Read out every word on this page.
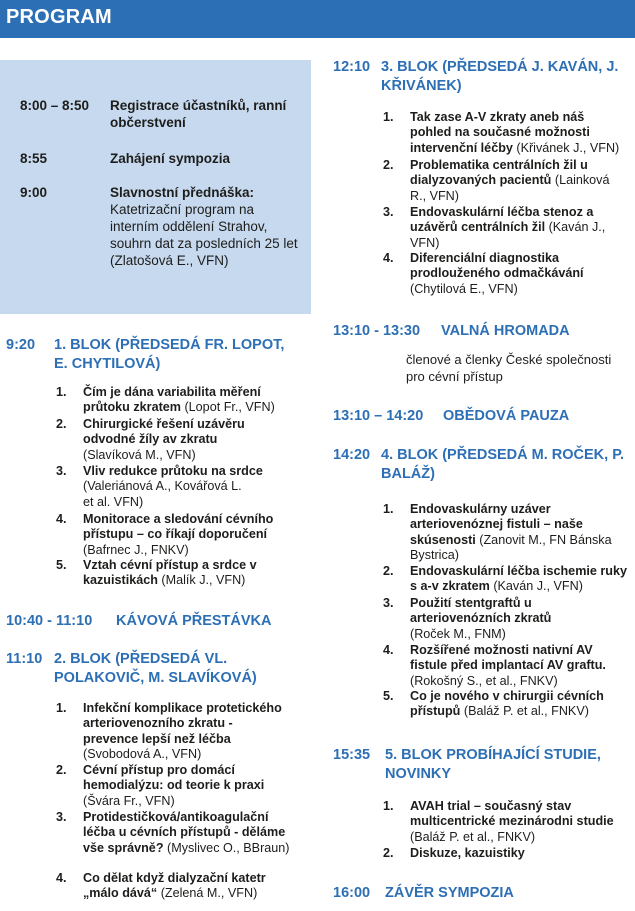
PROGRAM
8:00 – 8:50	Registrace účastníků, ranní občerstvení
8:55	Zahájení sympozia
9:00	Slavnostní přednáška:
Katetrizační program na interním oddělení Strahov, souhrn dat za posledních 25 let (Zlatošová E., VFN)
9:20 1. BLOK (PŘEDSEDÁ FR. LOPOT, E. CHYTILOVÁ)
1. Čím je dána variabilita měření průtoku zkratem (Lopot Fr., VFN)
2. Chirurgické řešení uzávěru odvodné žíly av zkratu (Slavíková M., VFN)
3. Vliv redukce průtoku na srdce (Valeriánová A., Kovářová L. et al. VFN)
4. Monitorace a sledování cévního přístupu – co říkají doporučení (Bafrnec J., FNKV)
5. Vztah cévní přístup a srdce v kazuistikách (Malík J., VFN)
10:40 - 11:10 KÁVOVÁ PŘESTÁVKA
11:10 2. BLOK (PŘEDSEDÁ VL. POLAKOVIČ, M. SLAVÍKOVÁ)
1. Infekční komplikace protetického arteriovenozního zkratu - prevence lepší než léčba (Svobodová A., VFN)
2. Cévní přístup pro domácí hemodialýzu: od teorie k praxi (Švára Fr., VFN)
3. Protidestičková/antikoagulační léčba u cévních přístupů - děláme vše správně? (Myslivec O., BBraun)
4. Co dělat když dialyzační katetr „málo dává“ (Zelená M., VFN)
12:10 3. BLOK (PŘEDSEDÁ J. KAVÁN, J. KŘIVÁNEK)
1. Tak zase A-V zkraty aneb náš pohled na současné možnosti intervenční léčby (Křivánek J., VFN)
2. Problematika centrálních žil u dialyzovaných pacientů (Lainková R., VFN)
3. Endovaskulární léčba stenoz a uzávěrů centrálních žil (Kaván J., VFN)
4. Diferenciální diagnostika prodlouženého odmačkávání (Chytilová E., VFN)
13:10 - 13:30 VALNÁ HROMADA
členové a členky České společnosti pro cévní přístup
13:10 – 14:20 OBĚDOVÁ PAUZA
14:20 4. BLOK (PŘEDSEDÁ M. ROČEK, P. BALÁŽ)
1. Endovaskulárny uzáver arteriovenóznej fistuli – naše skúsenosti (Zanovit M., FN Bánska Bystrica)
2. Endovaskulární léčba ischemie ruky s a-v zkratem (Kaván J., VFN)
3. Použití stentgraftů u arteriovenózních zkratů (Roček M., FNM)
4. Rozšířené možnosti nativní AV fistule před implantací AV graftu. (Rokošný S., et al., FNKV)
5. Co je nového v chirurgii cévních přístupů (Baláž P. et al., FNKV)
15:35 5. BLOK PROBÍHAJÍCÍ STUDIE, NOVINKY
1. AVAH trial – současný stav multicentrické mezinárodni studie (Baláž P. et al., FNKV)
2. Diskuze, kazuistiky
16:00 ZÁVĚR SYMPOZIA
